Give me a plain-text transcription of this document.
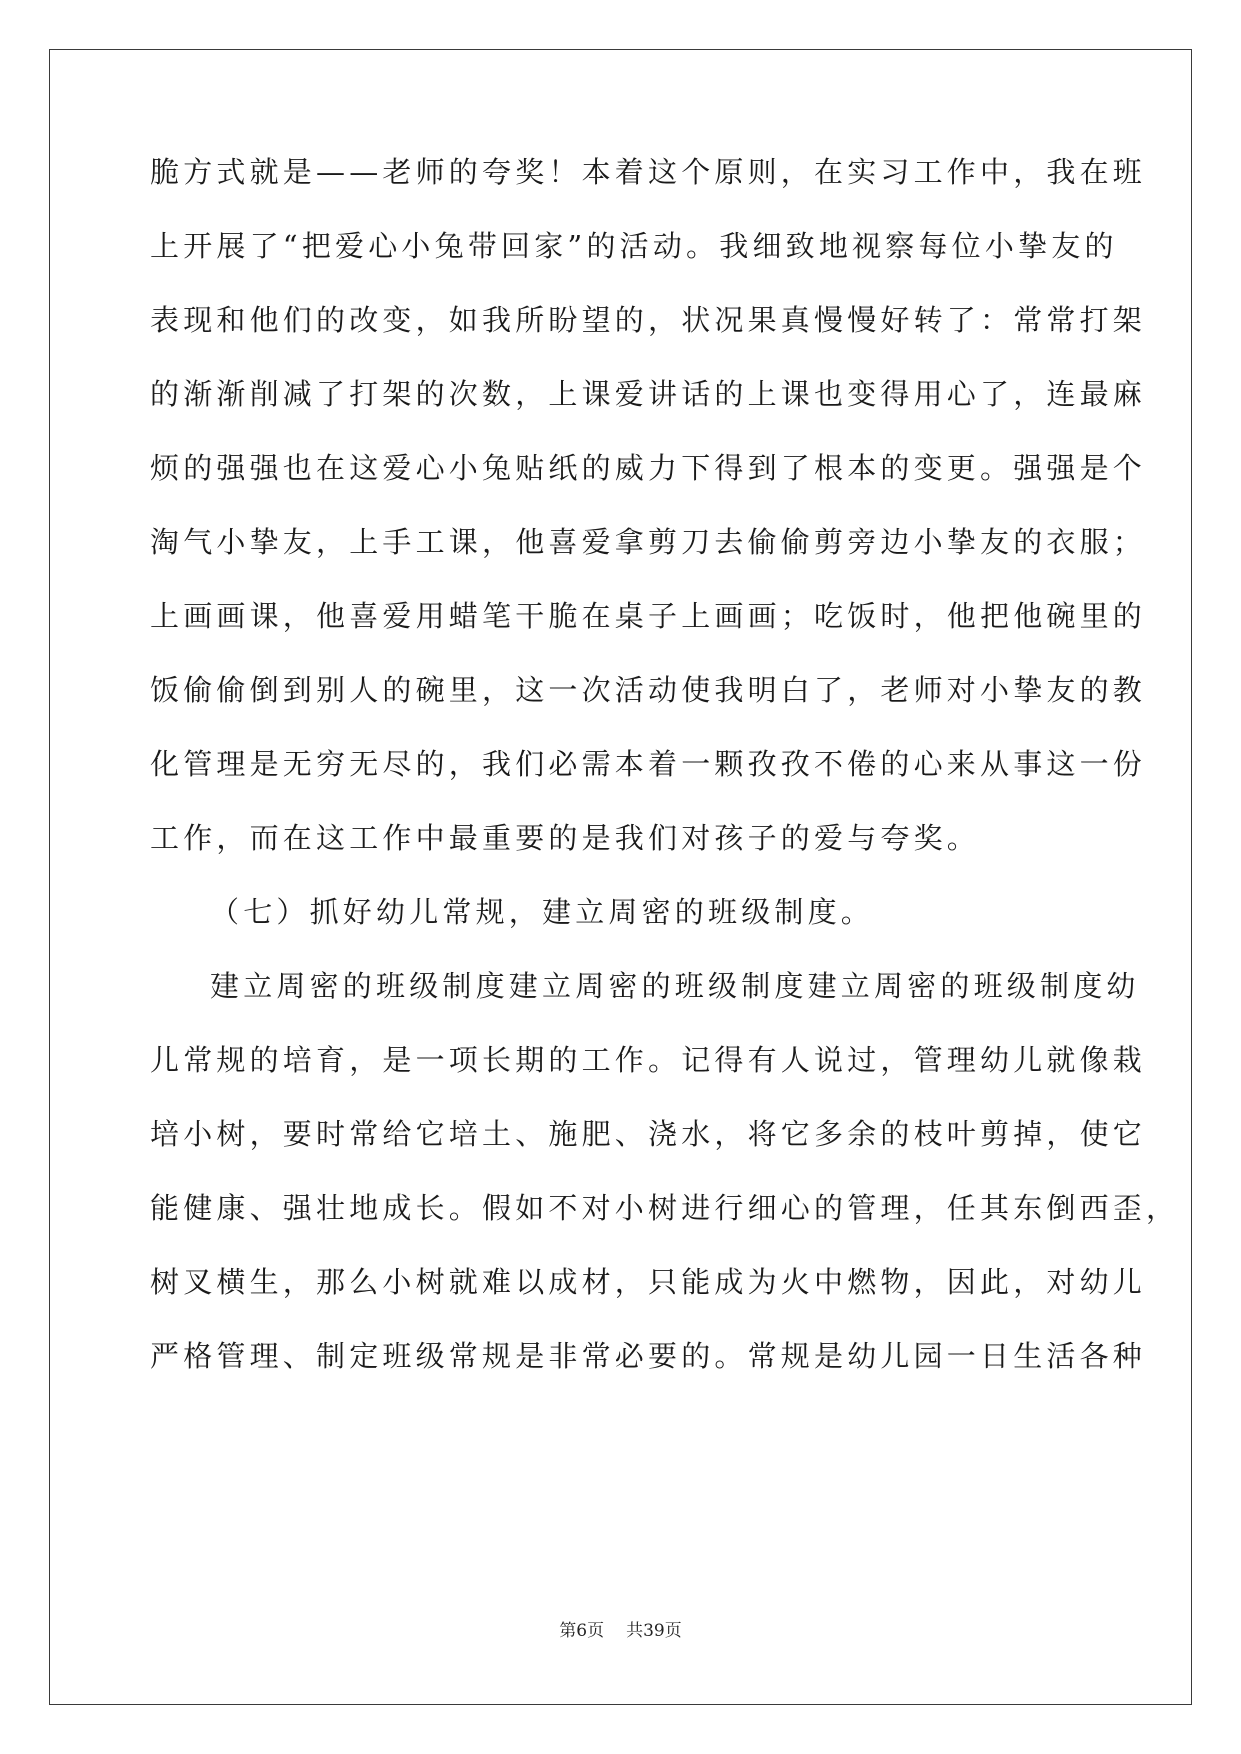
脆方式就是——老师的夸奖！本着这个原则，在实习工作中，我在班
上开展了“把爱心小兔带回家”的活动。我细致地视察每位小挚友的
表现和他们的改变，如我所盼望的，状况果真慢慢好转了：常常打架
的渐渐削减了打架的次数，上课爱讲话的上课也变得用心了，连最麻
烦的强强也在这爱心小兔贴纸的威力下得到了根本的变更。强强是个
淘气小挚友，上手工课，他喜爱拿剪刀去偷偷剪旁边小挚友的衣服；
上画画课，他喜爱用蜡笔干脆在桌子上画画；吃饭时，他把他碗里的
饭偷偷倒到别人的碗里，这一次活动使我明白了，老师对小挚友的教
化管理是无穷无尽的，我们必需本着一颗孜孜不倦的心来从事这一份
工作，而在这工作中最重要的是我们对孩子的爱与夸奖。
（七）抓好幼儿常规，建立周密的班级制度。
建立周密的班级制度建立周密的班级制度建立周密的班级制度幼
儿常规的培育，是一项长期的工作。记得有人说过，管理幼儿就像栽
培小树，要时常给它培土、施肥、浇水，将它多余的枝叶剪掉，使它
能健康、强壮地成长。假如不对小树进行细心的管理，任其东倒西歪，
树叉横生，那么小树就难以成材，只能成为火中燃物，因此，对幼儿
严格管理、制定班级常规是非常必要的。常规是幼儿园一日生活各种
第6页 共39页
